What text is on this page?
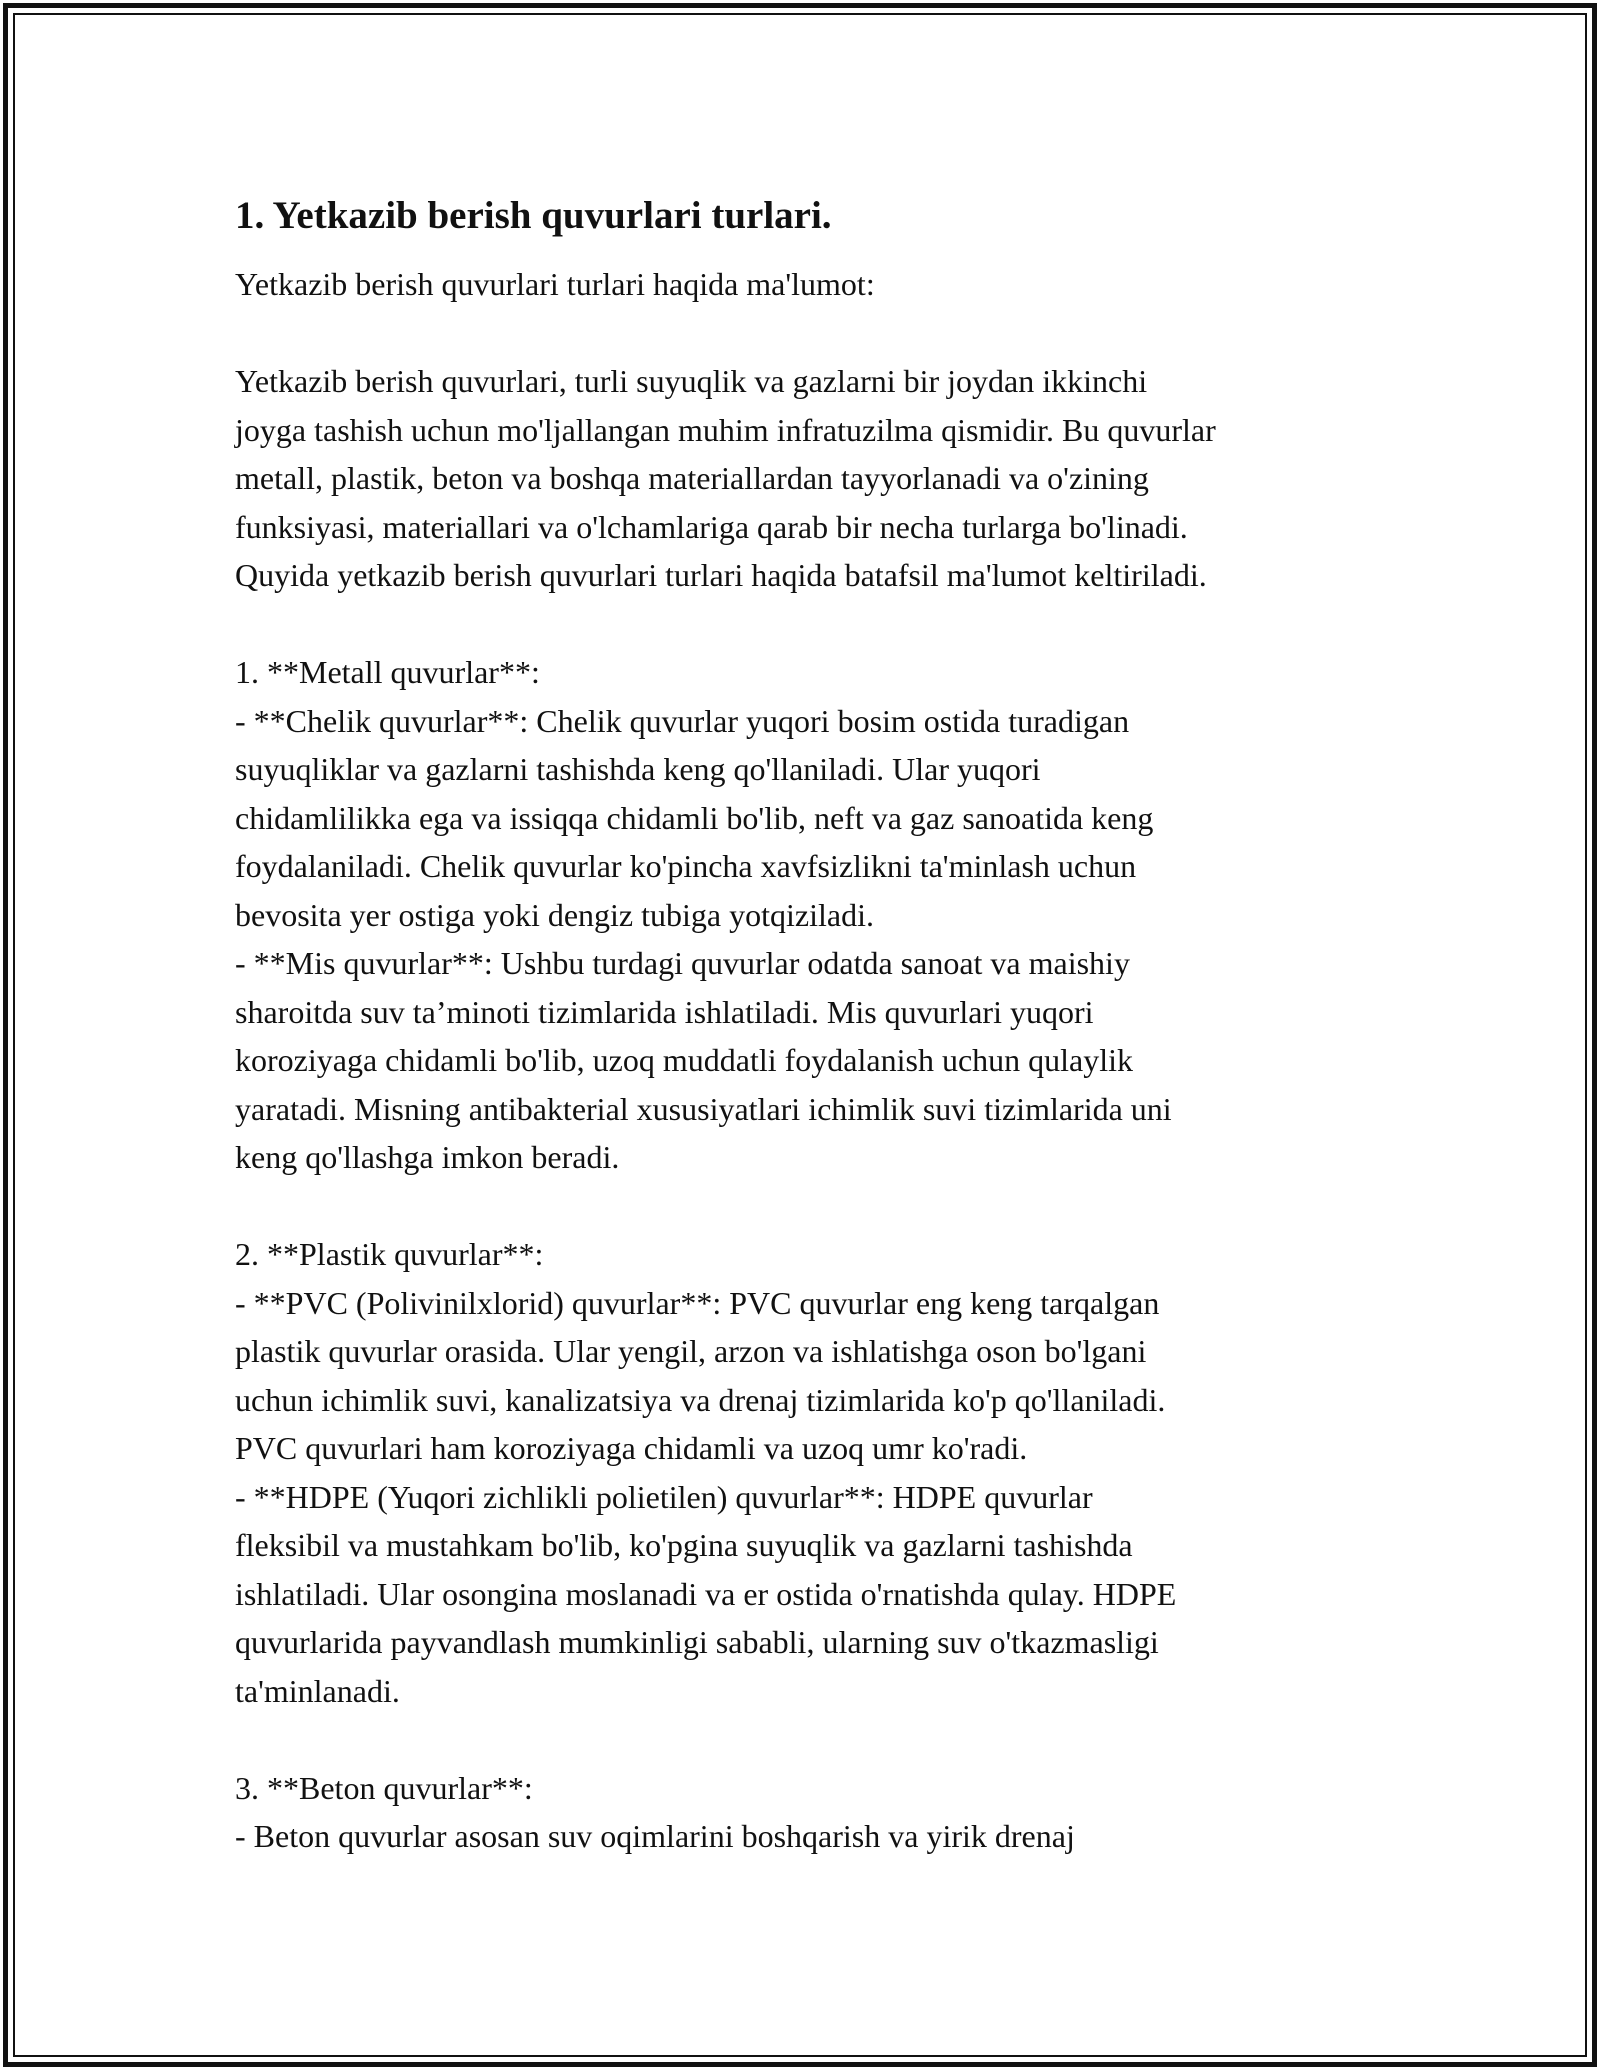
1. Yetkazib berish quvurlari turlari.

Yetkazib berish quvurlari turlari haqida ma'lumot:

Yetkazib berish quvurlari, turli suyuqlik va gazlarni bir joydan ikkinchi
joyga tashish uchun mo'ljallangan muhim infratuzilma qismidir. Bu quvurlar
metall, plastik, beton va boshqa materiallardan tayyorlanadi va o'zining
funksiyasi, materiallari va o'lchamlariga qarab bir necha turlarga bo'linadi.
Quyida yetkazib berish quvurlari turlari haqida batafsil ma'lumot keltiriladi.

1. **Metall quvurlar**:
- **Chelik quvurlar**: Chelik quvurlar yuqori bosim ostida turadigan
suyuqliklar va gazlarni tashishda keng qo'llaniladi. Ular yuqori
chidamlilikka ega va issiqqa chidamli bo'lib, neft va gaz sanoatida keng
foydalaniladi. Chelik quvurlar ko'pincha xavfsizlikni ta'minlash uchun
bevosita yer ostiga yoki dengiz tubiga yotqiziladi.
- **Mis quvurlar**: Ushbu turdagi quvurlar odatda sanoat va maishiy
sharoitda suv ta’minoti tizimlarida ishlatiladi. Mis quvurlari yuqori
koroziyaga chidamli bo'lib, uzoq muddatli foydalanish uchun qulaylik
yaratadi. Misning antibakterial xususiyatlari ichimlik suvi tizimlarida uni
keng qo'llashga imkon beradi.

2. **Plastik quvurlar**:
- **PVC (Polivinilxlorid) quvurlar**: PVC quvurlar eng keng tarqalgan
plastik quvurlar orasida. Ular yengil, arzon va ishlatishga oson bo'lgani
uchun ichimlik suvi, kanalizatsiya va drenaj tizimlarida ko'p qo'llaniladi.
PVC quvurlari ham koroziyaga chidamli va uzoq umr ko'radi.
- **HDPE (Yuqori zichlikli polietilen) quvurlar**: HDPE quvurlar
fleksibil va mustahkam bo'lib, ko'pgina suyuqlik va gazlarni tashishda
ishlatiladi. Ular osongina moslanadi va er ostida o'rnatishda qulay. HDPE
quvurlarida payvandlash mumkinligi sababli, ularning suv o'tkazmasligi
ta'minlanadi.

3. **Beton quvurlar**:
- Beton quvurlar asosan suv oqimlarini boshqarish va yirik drenaj
